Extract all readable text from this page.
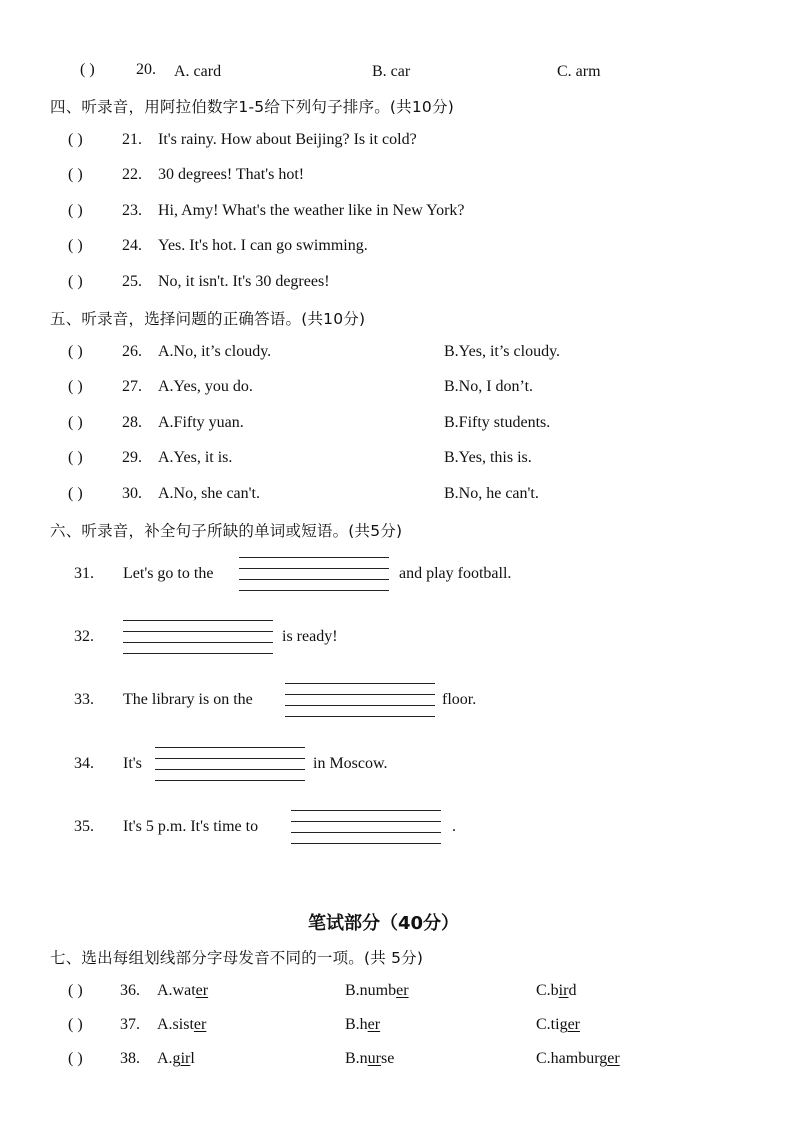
( )	20.	A. card	B. car	C. arm
四、听录音，用阿拉伯数字1-5给下列句子排序。(共10分)
五、听录音，选择问题的正确答语。(共10分)
六、听录音，补全句子所缺的单词或短语。(共5分)
笔试部分（40分）
七、选出每组划线部分字母发音不同的一项。(共 5分)
( ) 21. It's rainy. How about Beijing? Is it cold?
( ) 22. 30 degrees! That's hot!
( ) 23. Hi, Amy! What's the weather like in New York?
( ) 24. Yes. It's hot. I can go swimming.
( ) 25. No, it isn't. It's 30 degrees!
( ) 26. A.No, it’s cloudy.	B.Yes, it’s cloudy.
( ) 27. A.Yes, you do.	B.No, I don’t.
( ) 28. A.Fifty yuan.	B.Fifty students.
( ) 29. A.Yes, it is.	B.Yes, this is.
( ) 30. A.No, she can't.	B.No, he can't.
31. Let's go to the	and play football.
32.	is ready!
33. The library is on the	floor.
34. It's	in Moscow.
35. It's 5 p.m. It's time to	.
( ) 36.	A.water	B.number	C.bird
( ) 37.	A.sister	B.her	C.tiger
( ) 38.	A.girl	B.nurse	C.hamburger
